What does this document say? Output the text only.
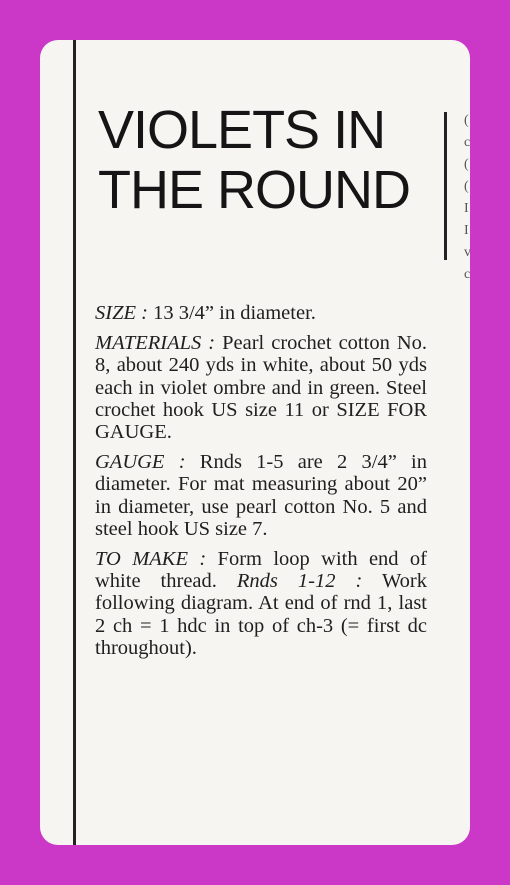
(
c
(
(
I
I
v
c
VIOLETS IN THE ROUND

SIZE : 13 3/4” in diameter.

MATERIALS : Pearl crochet cotton No. 8, about 240 yds in white, about 50 yds each in violet ombre and in green. Steel crochet hook US size 11 or SIZE FOR GAUGE.

GAUGE : Rnds 1-5 are 2 3/4” in diameter. For mat measuring about 20” in diameter, use pearl cotton No. 5 and steel hook US size 7.

TO MAKE : Form loop with end of white thread. Rnds 1-12 : Work following diagram. At end of rnd 1, last 2 ch = 1 hdc in top of ch-3 (= first dc throughout).
